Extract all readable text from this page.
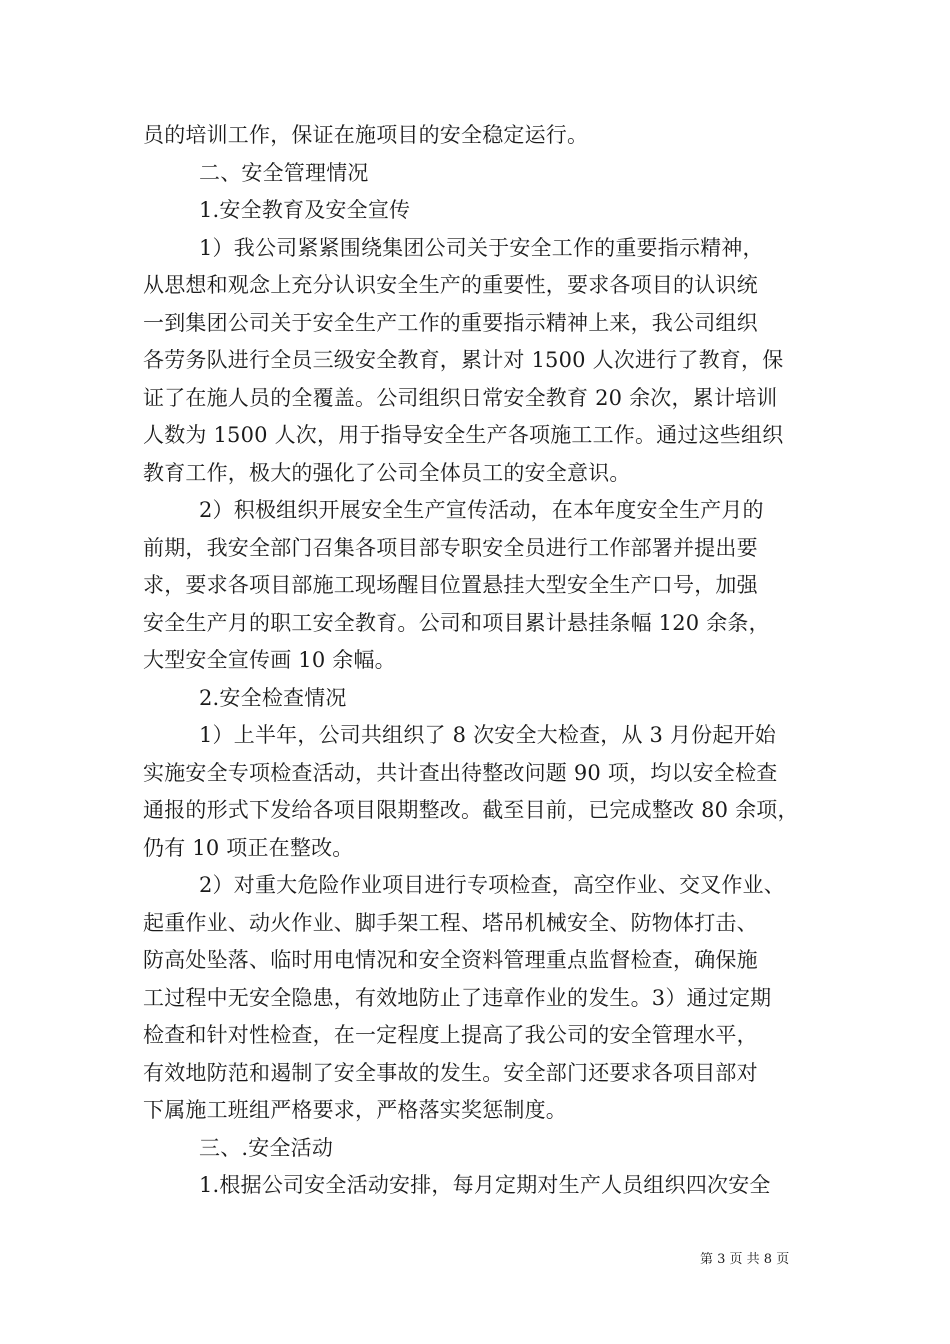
员的培训工作，保证在施项目的安全稳定运行。
二、安全管理情况
1.安全教育及安全宣传
1）我公司紧紧围绕集团公司关于安全工作的重要指示精神，
从思想和观念上充分认识安全生产的重要性，要求各项目的认识统
一到集团公司关于安全生产工作的重要指示精神上来，我公司组织
各劳务队进行全员三级安全教育，累计对 1500 人次进行了教育，保
证了在施人员的全覆盖。公司组织日常安全教育 20 余次，累计培训
人数为 1500 人次，用于指导安全生产各项施工工作。通过这些组织
教育工作，极大的强化了公司全体员工的安全意识。
2）积极组织开展安全生产宣传活动，在本年度安全生产月的
前期，我安全部门召集各项目部专职安全员进行工作部署并提出要
求，要求各项目部施工现场醒目位置悬挂大型安全生产口号，加强
安全生产月的职工安全教育。公司和项目累计悬挂条幅 120 余条，
大型安全宣传画 10 余幅。
2.安全检查情况
1）上半年，公司共组织了 8 次安全大检查，从 3 月份起开始
实施安全专项检查活动，共计查出待整改问题 90 项，均以安全检查
通报的形式下发给各项目限期整改。截至目前，已完成整改 80 余项，
仍有 10 项正在整改。
2）对重大危险作业项目进行专项检查，高空作业、交叉作业、
起重作业、动火作业、脚手架工程、塔吊机械安全、防物体打击、
防高处坠落、临时用电情况和安全资料管理重点监督检查，确保施
工过程中无安全隐患，有效地防止了违章作业的发生。3）通过定期
检查和针对性检查，在一定程度上提高了我公司的安全管理水平，
有效地防范和遏制了安全事故的发生。安全部门还要求各项目部对
下属施工班组严格要求，严格落实奖惩制度。
三、.安全活动
1.根据公司安全活动安排，每月定期对生产人员组织四次安全
第 3 页 共 8 页
